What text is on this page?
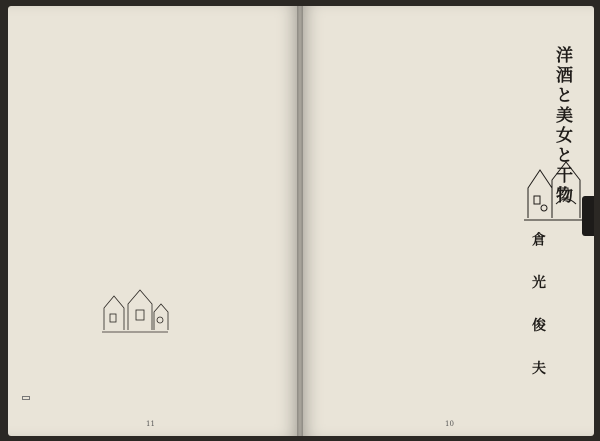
11
洋酒と美女と干物
倉 光 俊 夫
10
